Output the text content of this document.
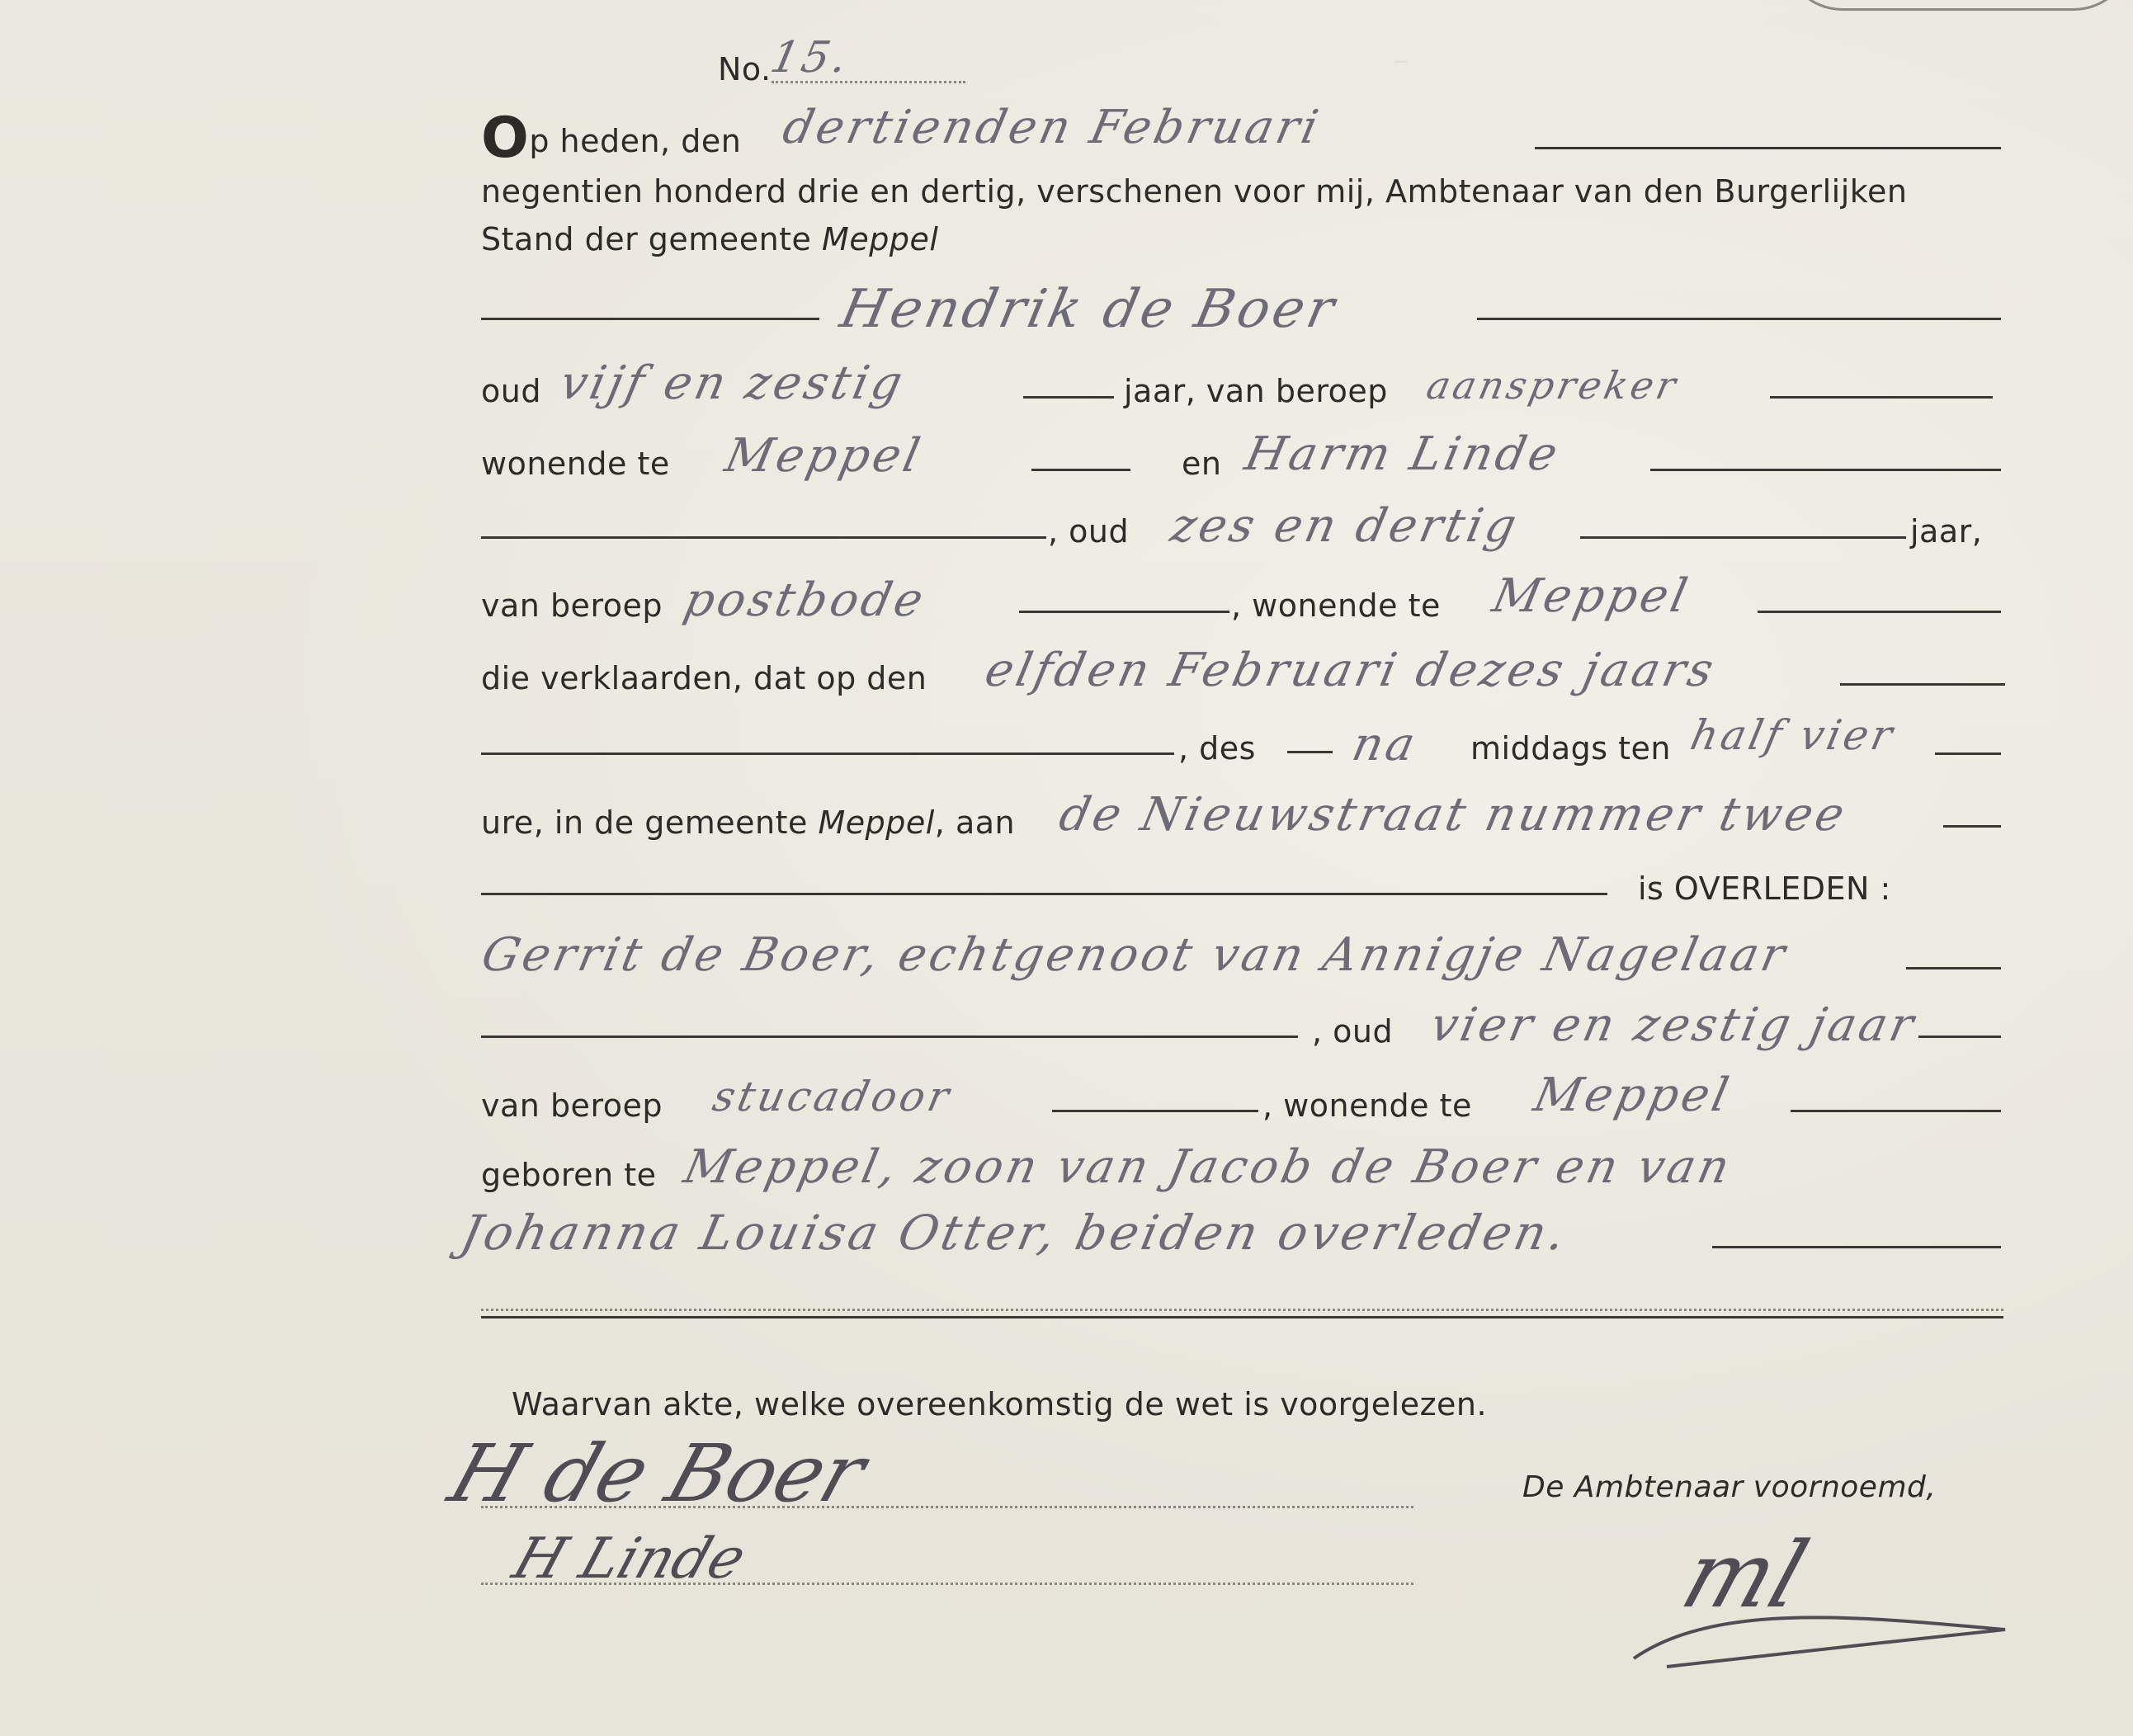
⎯
No.
15.
Op heden, den dertienden Februari
negentien honderd drie en dertig, verschenen voor mij, Ambtenaar van den Burgerlijken
Stand der gemeente Meppel
Hendrik de Boer
oud vijf en zestig	jaar, van beroep aanspreker
wonende te Meppel	en Harm Linde
, oud zes en dertig	jaar,
van beroep postbode	, wonende te Meppel
die verklaarden, dat op den elfden Februari dezes jaars
, des na middags ten half vier
ure, in de gemeente Meppel, aan de Nieuwstraat nummer twee
is OVERLEDEN :
Gerrit de Boer, echtgenoot van Annigje Nagelaar
, oud vier en zestig jaar
van beroep stucadoor	, wonende te Meppel
geboren te Meppel, zoon van Jacob de Boer en van
Johanna Louisa Otter, beiden overleden.
Waarvan akte, welke overeenkomstig de wet is voorgelezen.
H de Boer
H Linde
De Ambtenaar voornoemd,
ml
